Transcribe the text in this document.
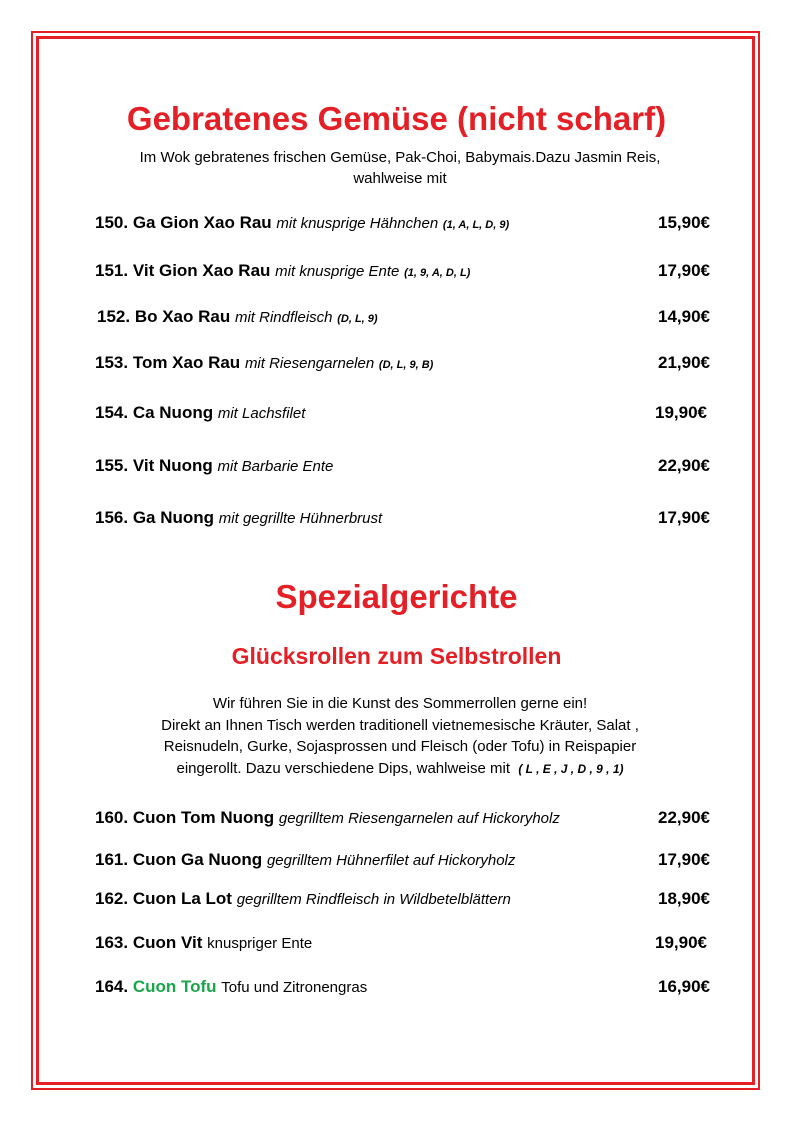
Gebratenes Gemüse (nicht scharf)
Im Wok gebratenes frischen Gemüse, Pak-Choi, Babymais.Dazu Jasmin Reis, wahlweise mit
150. Ga Gion Xao Rau mit knusprige Hähnchen (1, A, L, D, 9)	15,90€
151. Vit Gion Xao Rau mit knusprige Ente (1, 9, A, D, L)	17,90€
152. Bo Xao Rau mit Rindfleisch (D, L, 9)	14,90€
153. Tom Xao Rau mit Riesengarnelen (D, L, 9, B)	21,90€
154. Ca Nuong mit Lachsfilet	19,90€
155. Vit Nuong mit Barbarie Ente	22,90€
156. Ga Nuong mit gegrillte Hühnerbrust	17,90€
Spezialgerichte
Glücksrollen zum Selbstrollen
Wir führen Sie in die Kunst des Sommerrollen gerne ein!
Direkt an Ihnen Tisch werden traditionell vietnemesische Kräuter, Salat ,
Reisnudeln, Gurke, Sojasprossen und Fleisch (oder Tofu) in Reispapier
eingerollt. Dazu verschiedene Dips, wahlweise mit ( L , E , J , D , 9 , 1)
160. Cuon Tom Nuong gegrilltem Riesengarnelen auf Hickoryholz	22,90€
161. Cuon Ga Nuong gegrilltem Hühnerfilet auf Hickoryholz	17,90€
162. Cuon La Lot gegrilltem Rindfleisch in Wildbetelblättern	18,90€
163. Cuon Vit knuspriger Ente	19,90€
164. Cuon Tofu Tofu und Zitronengras	16,90€
